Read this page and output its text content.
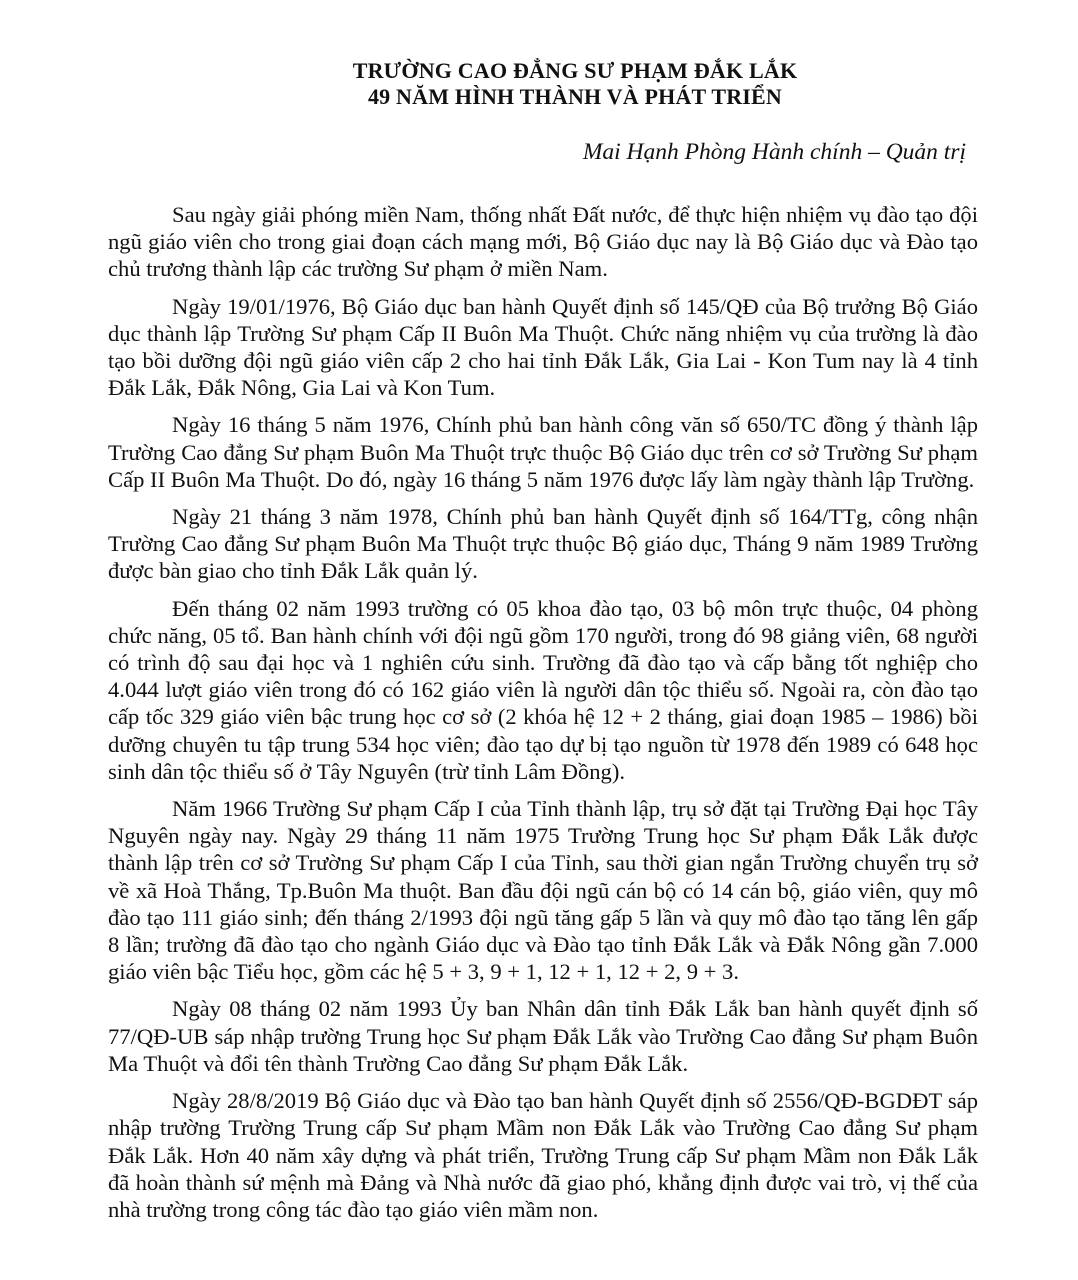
TRƯỜNG CAO ĐẲNG SƯ PHẠM ĐẮK LẮK
49 NĂM HÌNH THÀNH VÀ PHÁT TRIỂN
Mai Hạnh Phòng Hành chính – Quản trị

Sau ngày giải phóng miền Nam, thống nhất Đất nước, để thực hiện nhiệm vụ đào tạo đội ngũ giáo viên cho trong giai đoạn cách mạng mới, Bộ Giáo dục nay là Bộ Giáo dục và Đào tạo chủ trương thành lập các trường Sư phạm ở miền Nam.

Ngày 19/01/1976, Bộ Giáo dục ban hành Quyết định số 145/QĐ của Bộ trưởng Bộ Giáo dục thành lập Trường Sư phạm Cấp II Buôn Ma Thuột. Chức năng nhiệm vụ của trường là đào tạo bồi dưỡng đội ngũ giáo viên cấp 2 cho hai tỉnh Đắk Lắk, Gia Lai - Kon Tum nay là 4 tỉnh Đắk Lắk, Đắk Nông, Gia Lai và Kon Tum.

Ngày 16 tháng 5 năm 1976, Chính phủ ban hành công văn số 650/TC đồng ý thành lập Trường Cao đẳng Sư phạm Buôn Ma Thuột trực thuộc Bộ Giáo dục trên cơ sở Trường Sư phạm Cấp II Buôn Ma Thuột. Do đó, ngày 16 tháng 5 năm 1976 được lấy làm ngày thành lập Trường.

Ngày 21 tháng 3 năm 1978, Chính phủ ban hành Quyết định số 164/TTg, công nhận Trường Cao đẳng Sư phạm Buôn Ma Thuột trực thuộc Bộ giáo dục, Tháng 9 năm 1989 Trường được bàn giao cho tỉnh Đắk Lắk quản lý.

Đến tháng 02 năm 1993 trường có 05 khoa đào tạo, 03 bộ môn trực thuộc, 04 phòng chức năng, 05 tổ. Ban hành chính với đội ngũ gồm 170 người, trong đó 98 giảng viên, 68 người có trình độ sau đại học và 1 nghiên cứu sinh. Trường đã đào tạo và cấp bằng tốt nghiệp cho 4.044 lượt giáo viên trong đó có 162 giáo viên là người dân tộc thiểu số. Ngoài ra, còn đào tạo cấp tốc 329 giáo viên bậc trung học cơ sở (2 khóa hệ 12 + 2 tháng, giai đoạn 1985 – 1986) bồi dưỡng chuyên tu tập trung 534 học viên; đào tạo dự bị tạo nguồn từ 1978 đến 1989 có 648 học sinh dân tộc thiểu số ở Tây Nguyên (trừ tỉnh Lâm Đồng).

Năm 1966 Trường Sư phạm Cấp I của Tỉnh thành lập, trụ sở đặt tại Trường Đại học Tây Nguyên ngày nay. Ngày 29 tháng 11 năm 1975 Trường Trung học Sư phạm Đắk Lắk được thành lập trên cơ sở Trường Sư phạm Cấp I của Tỉnh, sau thời gian ngắn Trường chuyển trụ sở về xã Hoà Thắng, Tp.Buôn Ma thuột. Ban đầu đội ngũ cán bộ có 14 cán bộ, giáo viên, quy mô đào tạo 111 giáo sinh; đến tháng 2/1993 đội ngũ tăng gấp 5 lần và quy mô đào tạo tăng lên gấp 8 lần; trường đã đào tạo cho ngành Giáo dục và Đào tạo tỉnh Đắk Lắk và Đắk Nông gần 7.000 giáo viên bậc Tiểu học, gồm các hệ 5 + 3, 9 + 1, 12 + 1, 12 + 2, 9 + 3.

Ngày 08 tháng 02 năm 1993 Ủy ban Nhân dân tỉnh Đắk Lắk ban hành quyết định số 77/QĐ-UB sáp nhập trường Trung học Sư phạm Đắk Lắk vào Trường Cao đẳng Sư phạm Buôn Ma Thuột và đổi tên thành Trường Cao đẳng Sư phạm Đắk Lắk.

Ngày 28/8/2019 Bộ Giáo dục và Đào tạo ban hành Quyết định số 2556/QĐ-BGDĐT sáp nhập trường Trường Trung cấp Sư phạm Mầm non Đắk Lắk vào Trường Cao đẳng Sư phạm Đắk Lắk. Hơn 40 năm xây dựng và phát triển, Trường Trung cấp Sư phạm Mầm non Đắk Lắk đã hoàn thành sứ mệnh mà Đảng và Nhà nước đã giao phó, khẳng định được vai trò, vị thế của nhà trường trong công tác đào tạo giáo viên mầm non.
